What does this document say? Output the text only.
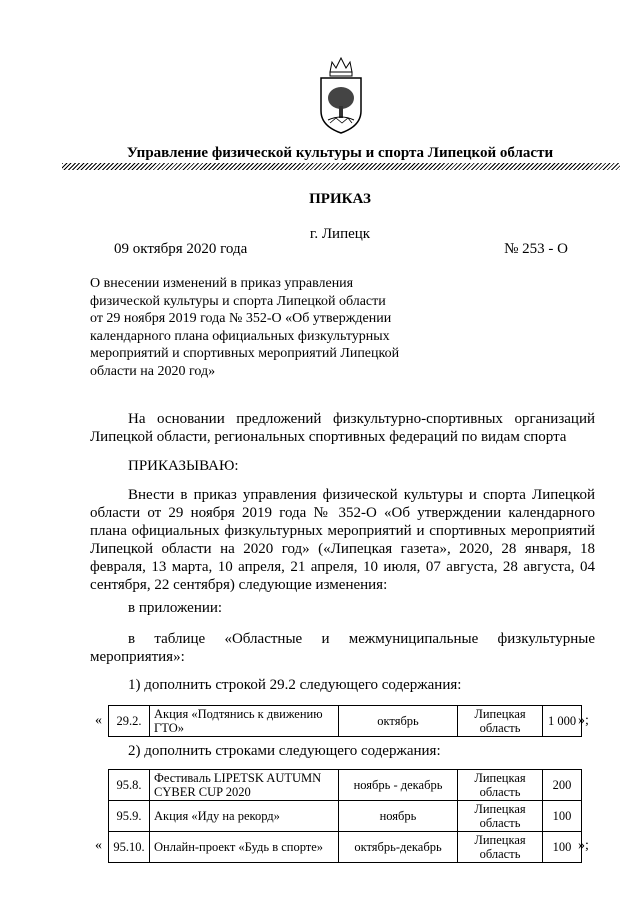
Управление физической культуры и спорта Липецкой области
ПРИКАЗ
г. Липецк
09 октября 2020 года	№ 253 - О
О внесении изменений в приказ управления физической культуры и спорта Липецкой области от 29 ноября 2019 года № 352-О «Об утверждении календарного плана официальных физкультурных мероприятий и спортивных мероприятий Липецкой области на 2020 год»
На основании предложений физкультурно-спортивных организаций Липецкой области, региональных спортивных федераций по видам спорта
ПРИКАЗЫВАЮ:
Внести в приказ управления физической культуры и спорта Липецкой области от 29 ноября 2019 года № 352-О «Об утверждении календарного плана официальных физкультурных мероприятий и спортивных мероприятий Липецкой области на 2020 год» («Липецкая газета», 2020, 28 января, 18 февраля, 13 марта, 10 апреля, 21 апреля, 10 июля, 07 августа, 28 августа, 04 сентября, 22 сентября) следующие изменения:
в приложении:
в таблице «Областные и межмуниципальные физкультурные мероприятия»:
1) дополнить строкой 29.2 следующего содержания:
« 29.2.	Акция «Подтянись к движению ГТО»	октябрь	Липецкая область	1 000 »;
2) дополнить строками следующего содержания:
95.8.	Фестиваль LIPETSK AUTUMN CYBER CUP 2020	ноябрь - декабрь	Липецкая область	200
95.9.	Акция «Иду на рекорд»	ноябрь	Липецкая область	100
95.10.	Онлайн-проект «Будь в спорте»	октябрь-декабрь	Липецкая область	100
«	»;
